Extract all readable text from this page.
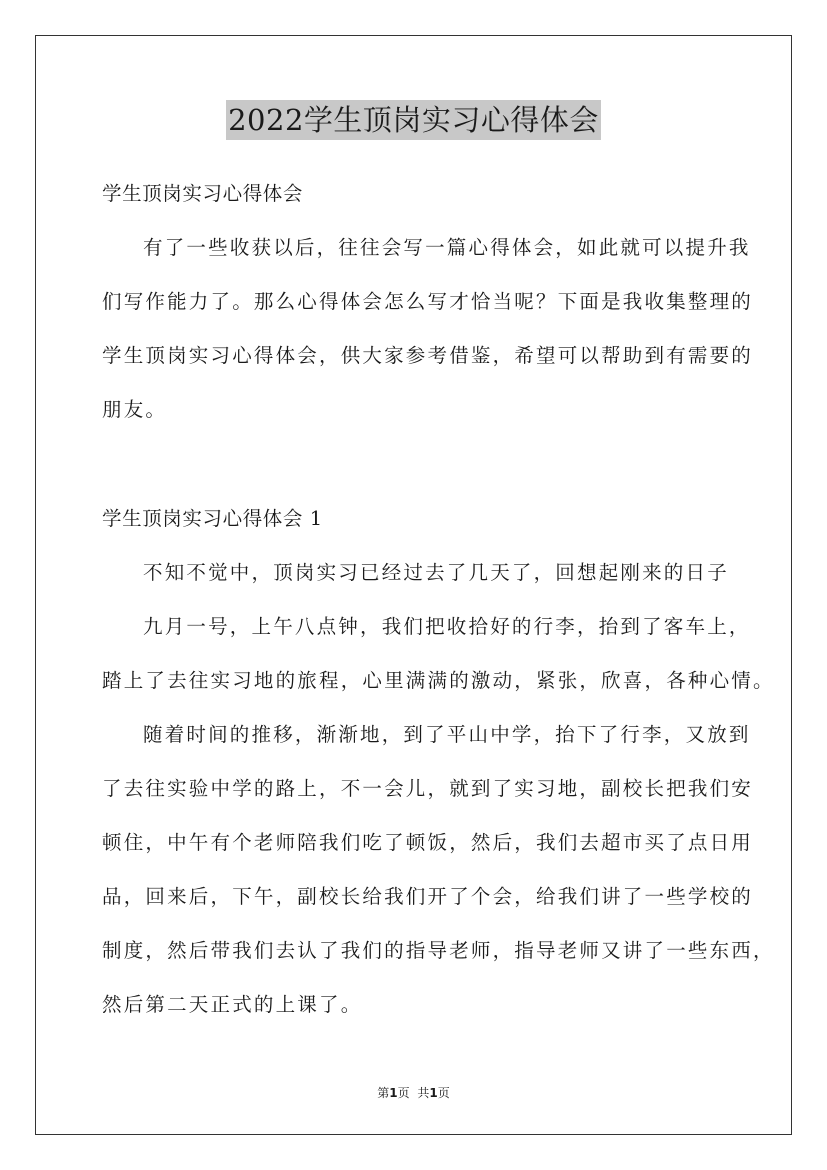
2022学生顶岗实习心得体会
学生顶岗实习心得体会
有了一些收获以后，往往会写一篇心得体会，如此就可以提升我
们写作能力了。那么心得体会怎么写才恰当呢？下面是我收集整理的
学生顶岗实习心得体会，供大家参考借鉴，希望可以帮助到有需要的
朋友。
学生顶岗实习心得体会 1
不知不觉中，顶岗实习已经过去了几天了，回想起刚来的日子
九月一号，上午八点钟，我们把收拾好的行李，抬到了客车上，
踏上了去往实习地的旅程，心里满满的激动，紧张，欣喜，各种心情。
随着时间的推移，渐渐地，到了平山中学，抬下了行李，又放到
了去往实验中学的路上，不一会儿，就到了实习地，副校长把我们安
顿住，中午有个老师陪我们吃了顿饭，然后，我们去超市买了点日用
品，回来后，下午，副校长给我们开了个会，给我们讲了一些学校的
制度，然后带我们去认了我们的指导老师，指导老师又讲了一些东西，
然后第二天正式的上课了。
第1页 共1页
